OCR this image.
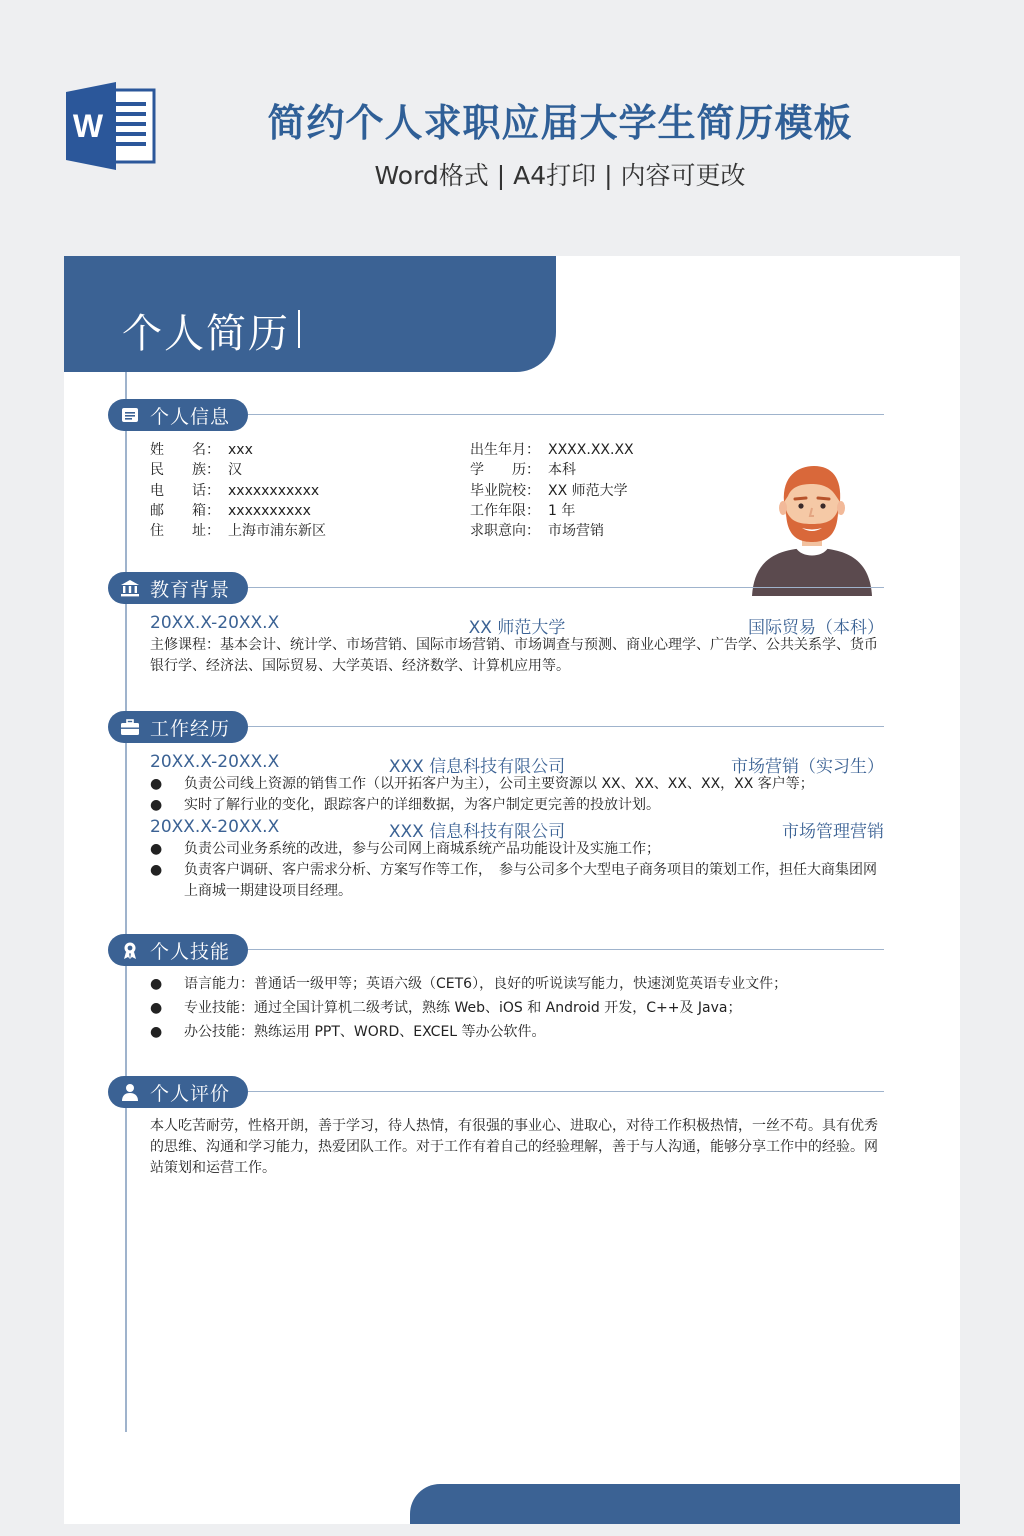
W	简约个人求职应届大学生简历模板
Word格式 | A4打印 | 内容可更改
个人简历
个人信息
姓　　名： xxx
民　　族： 汉
电　　话： xxxxxxxxxxx
邮　　箱： xxxxxxxxxx
住　　址： 上海市浦东新区
出生年月： XXXX.XX.XX
学　　历： 本科
毕业院校： XX 师范大学
工作年限： 1 年
求职意向： 市场营销
教育背景
20XX.X-20XX.X	XX 师范大学	国际贸易（本科）
主修课程：基本会计、统计学、市场营销、国际市场营销、市场调查与预测、商业心理学、广告学、公共关系学、货币银行学、经济法、国际贸易、大学英语、经济数学、计算机应用等。
工作经历
20XX.X-20XX.X	XXX 信息科技有限公司	市场营销（实习生）
● 负责公司线上资源的销售工作（以开拓客户为主），公司主要资源以 XX、XX、XX、XX，XX 客户等；
● 实时了解行业的变化，跟踪客户的详细数据，为客户制定更完善的投放计划。
20XX.X-20XX.X	XXX 信息科技有限公司	市场管理营销
● 负责公司业务系统的改进，参与公司网上商城系统产品功能设计及实施工作；
● 负责客户调研、客户需求分析、方案写作等工作，　参与公司多个大型电子商务项目的策划工作，担任大商集团网上商城一期建设项目经理。
个人技能
● 语言能力：普通话一级甲等；英语六级（CET6），良好的听说读写能力，快速浏览英语专业文件；
● 专业技能：通过全国计算机二级考试，熟练 Web、iOS 和 Android 开发，C++及 Java；
● 办公技能：熟练运用 PPT、WORD、EXCEL 等办公软件。
个人评价
本人吃苦耐劳，性格开朗，善于学习，待人热情，有很强的事业心、进取心，对待工作积极热情，一丝不苟。具有优秀的思维、沟通和学习能力，热爱团队工作。对于工作有着自己的经验理解，善于与人沟通，能够分享工作中的经验。网站策划和运营工作。
